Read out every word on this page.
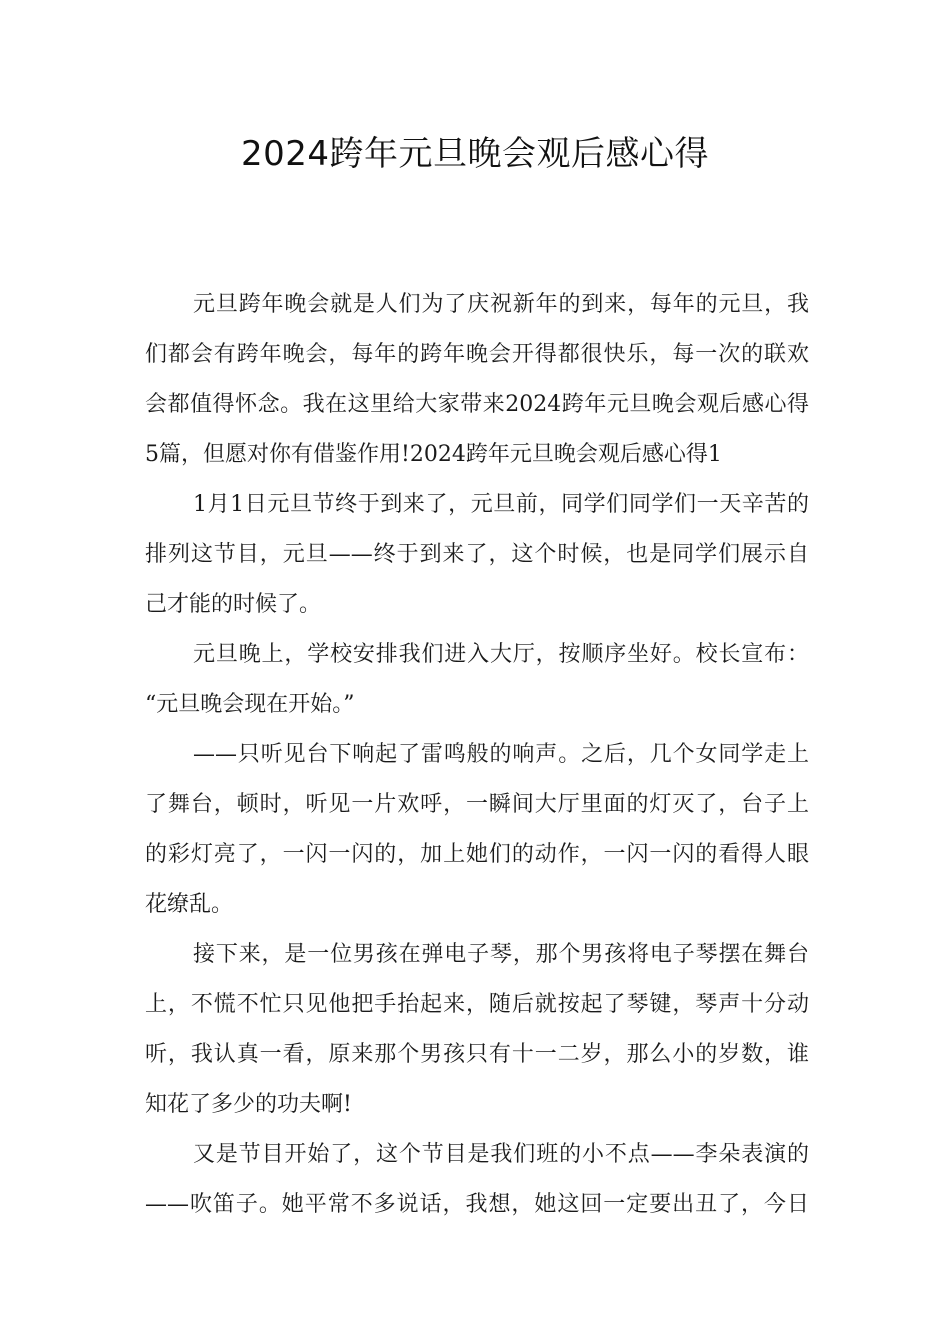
2024跨年元旦晚会观后感心得
元旦跨年晚会就是人们为了庆祝新年的到来，每年的元旦，我
们都会有跨年晚会，每年的跨年晚会开得都很快乐，每一次的联欢
会都值得怀念。我在这里给大家带来2024跨年元旦晚会观后感心得
5篇，但愿对你有借鉴作用!2024跨年元旦晚会观后感心得1
1月1日元旦节终于到来了，元旦前，同学们同学们一天辛苦的
排列这节目，元旦——终于到来了，这个时候，也是同学们展示自
己才能的时候了。
元旦晚上，学校安排我们进入大厅，按顺序坐好。校长宣布：
“元旦晚会现在开始。”
——只听见台下响起了雷鸣般的响声。之后，几个女同学走上
了舞台，顿时，听见一片欢呼，一瞬间大厅里面的灯灭了，台子上
的彩灯亮了，一闪一闪的，加上她们的动作，一闪一闪的看得人眼
花缭乱。
接下来，是一位男孩在弹电子琴，那个男孩将电子琴摆在舞台
上，不慌不忙只见他把手抬起来，随后就按起了琴键，琴声十分动
听，我认真一看，原来那个男孩只有十一二岁，那么小的岁数，谁
知花了多少的功夫啊!
又是节目开始了，这个节目是我们班的小不点——李朵表演的
——吹笛子。她平常不多说话，我想，她这回一定要出丑了，今日
